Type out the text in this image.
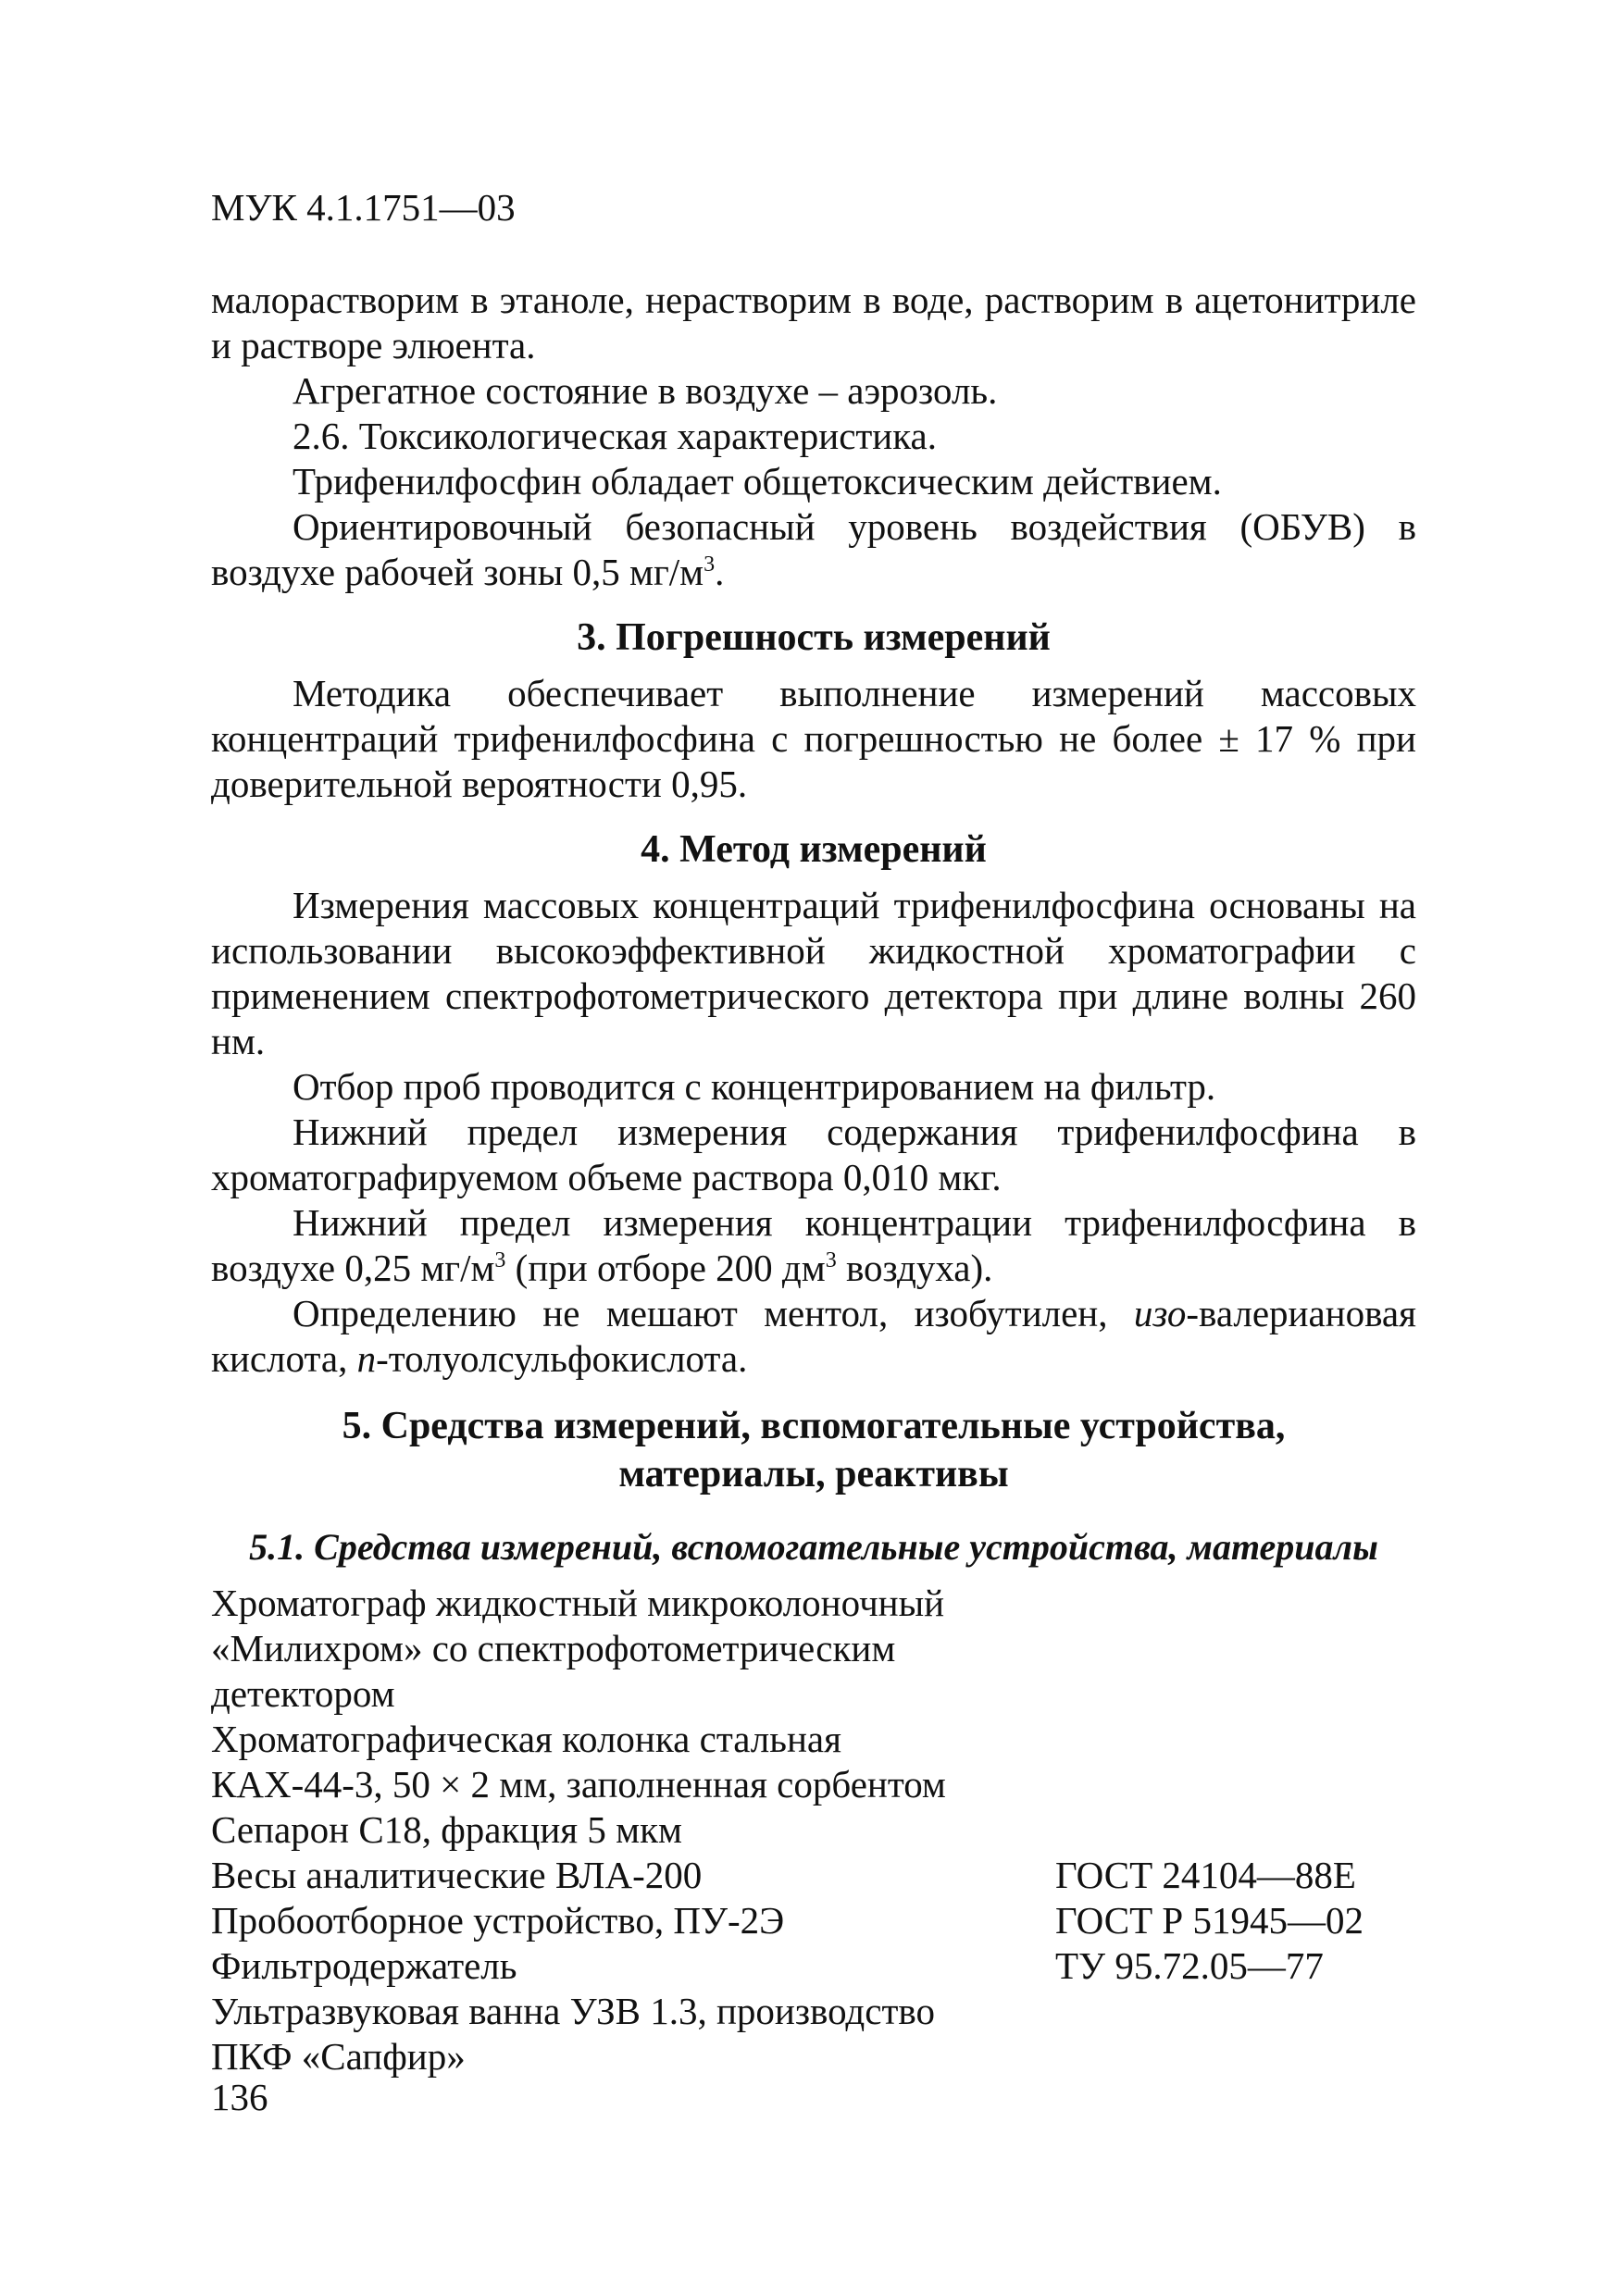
МУК 4.1.1751—03
малорастворим в этаноле, нерастворим в воде, растворим в ацетонитриле и растворе элюента.
Агрегатное состояние в воздухе – аэрозоль.
2.6. Токсикологическая характеристика.
Трифенилфосфин обладает общетоксическим действием.
Ориентировочный безопасный уровень воздействия (ОБУВ) в воздухе рабочей зоны 0,5 $мг/м^3$.
3. Погрешность измерений
Методика обеспечивает выполнение измерений массовых концентраций трифенилфосфина с погрешностью не более ± 17 % при доверительной вероятности 0,95.
4. Метод измерений
Измерения массовых концентраций трифенилфосфина основаны на использовании высокоэффективной жидкостной хроматографии с применением спектрофотометрического детектора при длине волны 260 нм.
Отбор проб проводится с концентрированием на фильтр.
Нижний предел измерения содержания трифенилфосфина в хроматографируемом объеме раствора 0,010 мкг.
Нижний предел измерения концентрации трифенилфосфина в воздухе 0,25 $мг/м^3$ (при отборе 200 $дм^3$ воздуха).
Определению не мешают ментол, изобутилен, изо-валериановая кислота, n-толуолсульфокислота.
5. Средства измерений, вспомогательные устройства,
материалы, реактивы
5.1. Средства измерений, вспомогательные устройства, материалы
Хроматограф жидкостный микроколоночный «Милихром» со спектрофотометрическим детектором
Хроматографическая колонка стальная КАХ-44-3, 50 × 2 мм, заполненная сорбентом Сепарон С18, фракция 5 мкм
Весы аналитические ВЛА-200	ГОСТ 24104—88Е
Пробоотборное устройство, ПУ-2Э	ГОСТ Р 51945—02
Фильтродержатель	ТУ 95.72.05—77
Ультразвуковая ванна УЗВ 1.3, производство ПКФ «Сапфир»
136
